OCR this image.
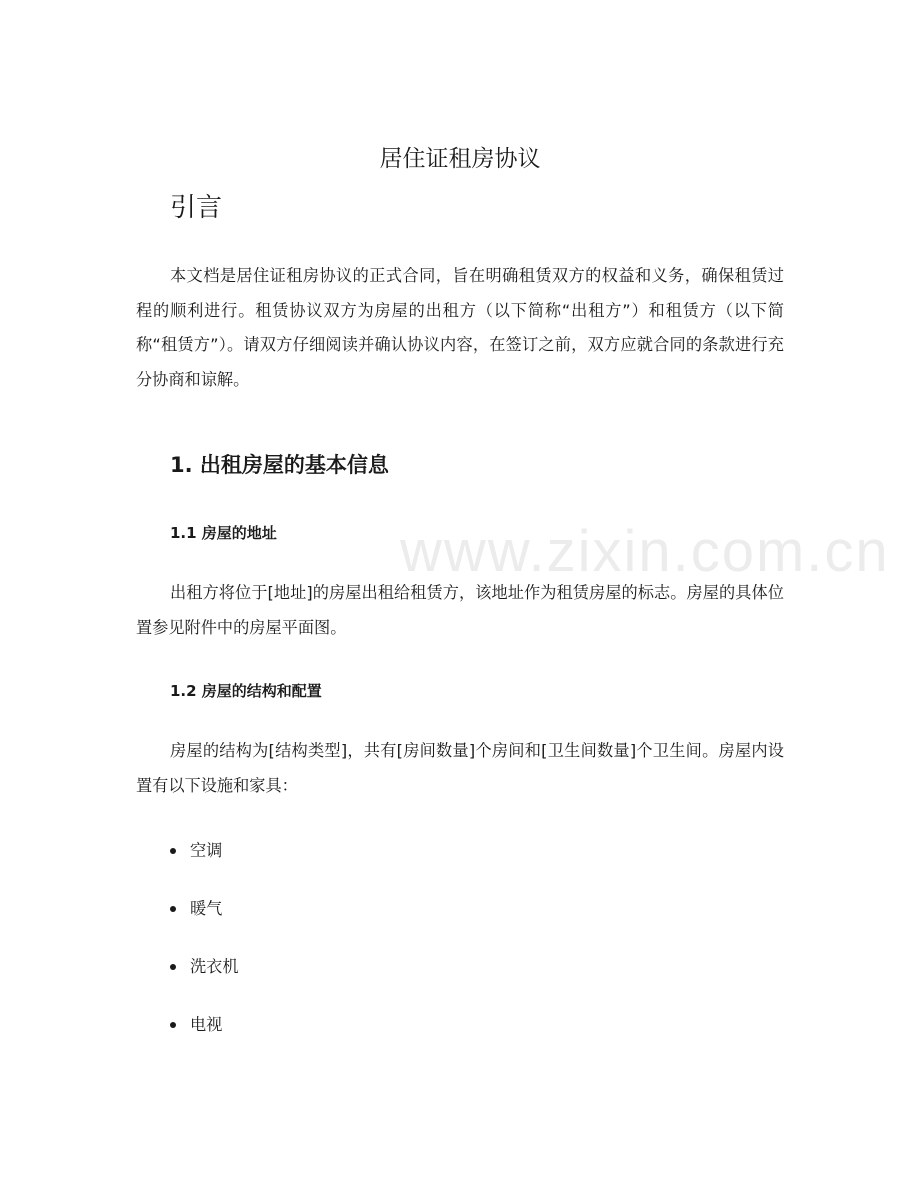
www.zixin.com.cn
居住证租房协议
引言

本文档是居住证租房协议的正式合同，旨在明确租赁双方的权益和义务，确保租赁过程的顺利进行。租赁协议双方为房屋的出租方（以下简称“出租方”）和租赁方（以下简称“租赁方”）。请双方仔细阅读并确认协议内容，在签订之前，双方应就合同的条款进行充分协商和谅解。

1. 出租房屋的基本信息
1.1 房屋的地址

出租方将位于[地址]的房屋出租给租赁方，该地址作为租赁房屋的标志。房屋的具体位置参见附件中的房屋平面图。

1.2 房屋的结构和配置

房屋的结构为[结构类型]，共有[房间数量]个房间和[卫生间数量]个卫生间。房屋内设置有以下设施和家具：

空调
暖气
洗衣机
电视
